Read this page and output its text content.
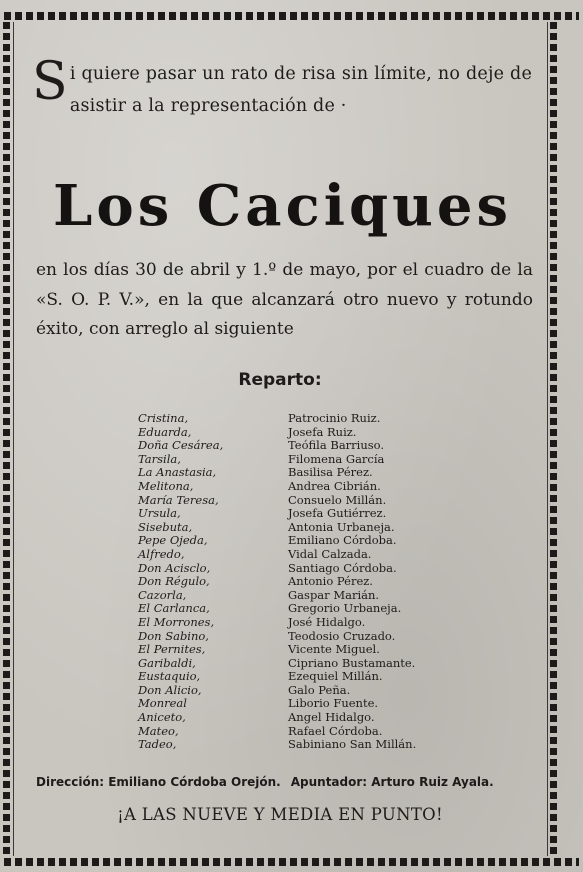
S i quiere pasar un rato de risa sin límite, no deje de asistir a la representación de ·
Los Caciques
en los días 30 de abril y 1.º de mayo, por el cuadro de la «S. O. P. V.», en la que alcanzará otro nuevo y rotundo éxito, con arreglo al siguiente
Reparto:
Cristina,	Patrocinio Ruiz.
Eduarda,	Josefa Ruiz.
Doña Cesárea,	Teófila Barriuso.
Tarsila,	Filomena García
La Anastasia,	Basilisa Pérez.
Melitona,	Andrea Cibrián.
María Teresa,	Consuelo Millán.
Ursula,	Josefa Gutiérrez.
Sisebuta,	Antonia Urbaneja.
Pepe Ojeda,	Emiliano Córdoba.
Alfredo,	Vidal Calzada.
Don Acisclo,	Santiago Córdoba.
Don Régulo,	Antonio Pérez.
Cazorla,	Gaspar Marián.
El Carlanca,	Gregorio Urbaneja.
El Morrones,	José Hidalgo.
Don Sabino,	Teodosio Cruzado.
El Pernites,	Vicente Miguel.
Garibaldi,	Cipriano Bustamante.
Eustaquio,	Ezequiel Millán.
Don Alicio,	Galo Peña.
Monreal	Liborio Fuente.
Aniceto,	Angel Hidalgo.
Mateo,	Rafael Córdoba.
Tadeo,	Sabiniano San Millán.
Dirección: Emiliano Córdoba Orejón. Apuntador: Arturo Ruiz Ayala.
¡A LAS NUEVE Y MEDIA EN PUNTO!
